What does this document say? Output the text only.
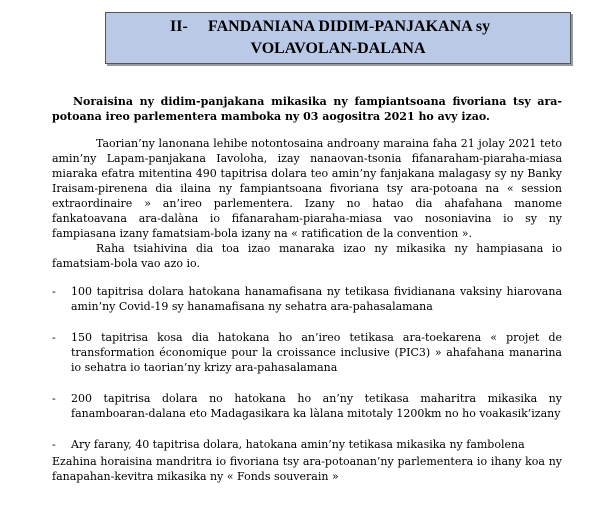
II- FANDANIANA DIDIM-PANJAKANA sy
VOLAVOLAN-DALANA

Noraisina ny didim-panjakana mikasika ny fampiantsoana fivoriana tsy ara-potoana ireo parlementera mamboka ny 03 aogositra 2021 ho avy izao.

Taorian’ny lanonana lehibe notontosaina androany maraina faha 21 jolay 2021 teto amin’ny Lapam-panjakana Iavoloha, izay nanaovan-tsonia fifanaraham-piaraha-miasa miaraka efatra mitentina 490 tapitrisa dolara teo amin’ny fanjakana malagasy sy ny Banky Iraisam-pirenena dia ilaina ny fampiantsoana fivoriana tsy ara-potoana na « session extraordinaire » an’ireo parlementera. Izany no hatao dia ahafahana manome fankatoavana ara-dalàna io fifanaraham-piaraha-miasa vao nosoniavina io sy ny fampiasana izany famatsiam-bola izany na « ratification de la convention ».

Raha tsiahivina dia toa izao manaraka izao ny mikasika ny hampiasana io famatsiam-bola vao azo io.

- 100 tapitrisa dolara hatokana hanamafisana ny tetikasa fividianana vaksiny hiarovana amin’ny Covid-19 sy hanamafisana ny sehatra ara-pahasalamana
- 150 tapitrisa kosa dia hatokana ho an’ireo tetikasa ara-toekarena « projet de transformation économique pour la croissance inclusive (PIC3) » ahafahana manarina io sehatra io taorian’ny krizy ara-pahasalamana
- 200 tapitrisa dolara no hatokana ho an’ny tetikasa maharitra mikasika ny fanamboaran-dalana eto Madagasikara ka làlana mitotaly 1200km no ho voakasik’izany
- Ary farany, 40 tapitrisa dolara, hatokana amin’ny tetikasa mikasika ny fambolena

Ezahina horaisina mandritra io fivoriana tsy ara-potoanan’ny parlementera io ihany koa ny fanapahan-kevitra mikasika ny « Fonds souverain »
